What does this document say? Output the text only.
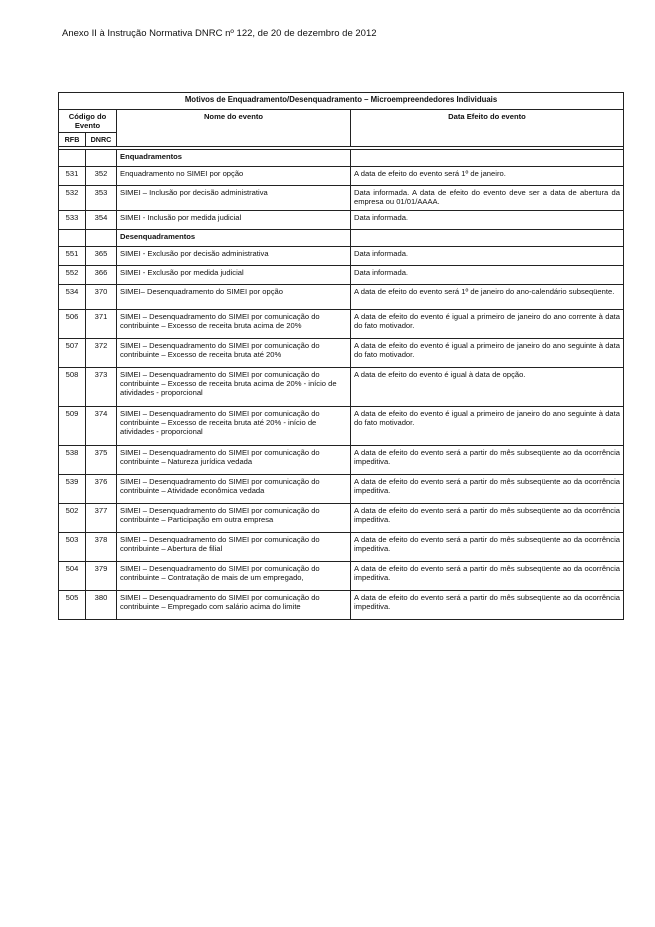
Anexo II à Instrução Normativa DNRC nº 122, de 20 de dezembro de 2012
Motivos de Enquadramento/Desenquadramento – Microempreendedores Individuais			
Código do Evento		Nome do evento	Data Efeito do evento
RFB	DNRC		

		Enquadramentos	
531	352	Enquadramento no SIMEI por opção	A data de efeito do evento será 1º de janeiro.
532	353	SIMEI – Inclusão por decisão administrativa	Data informada. A data de efeito do evento deve ser a data de abertura da empresa ou 01/01/AAAA.
533	354	SIMEI - Inclusão por medida judicial	Data informada.
		Desenquadramentos	
551	365	SIMEI - Exclusão por decisão administrativa	Data informada.
552	366	SIMEI - Exclusão por medida judicial	Data informada.
534	370	SIMEI– Desenquadramento do SIMEI por opção	A data de efeito do evento será 1º de janeiro do ano-calendário subseqüente.
506	371	SIMEI – Desenquadramento do SIMEI por comunicação do contribuinte – Excesso de receita bruta acima de 20%	A data de efeito do evento é igual a primeiro de janeiro do ano corrente à data do fato motivador.
507	372	SIMEI – Desenquadramento do SIMEI por comunicação do contribuinte – Excesso de receita bruta até 20%	A data de efeito do evento é igual a primeiro de janeiro do ano seguinte à data do fato motivador.
508	373	SIMEI – Desenquadramento do SIMEI por comunicação do contribuinte – Excesso de receita bruta acima de 20% - início de atividades - proporcional	A data de efeito do evento é igual à data de opção.
509	374	SIMEI – Desenquadramento do SIMEI por comunicação do contribuinte – Excesso de receita bruta até 20% - início de atividades - proporcional	A data de efeito do evento é igual a primeiro de janeiro do ano seguinte à data do fato motivador.
538	375	SIMEI – Desenquadramento do SIMEI por comunicação do contribuinte – Natureza jurídica vedada	A data de efeito do evento será a partir do mês subseqüente ao da ocorrência impeditiva.
539	376	SIMEI – Desenquadramento do SIMEI por comunicação do contribuinte – Atividade econômica vedada	A data de efeito do evento será a partir do mês subseqüente ao da ocorrência impeditiva.
502	377	SIMEI – Desenquadramento do SIMEI por comunicação do contribuinte – Participação em outra empresa	A data de efeito do evento será a partir do mês subseqüente ao da ocorrência impeditiva.
503	378	SIMEI – Desenquadramento do SIMEI por comunicação do contribuinte – Abertura de filial	A data de efeito do evento será a partir do mês subseqüente ao da ocorrência impeditiva.
504	379	SIMEI – Desenquadramento do SIMEI por comunicação do contribuinte – Contratação de mais de um empregado,	A data de efeito do evento será a partir do mês subseqüente ao da ocorrência impeditiva.
505	380	SIMEI – Desenquadramento do SIMEI por comunicação do contribuinte – Empregado com salário acima do limite	A data de efeito do evento será a partir do mês subseqüente ao da ocorrência impeditiva.
